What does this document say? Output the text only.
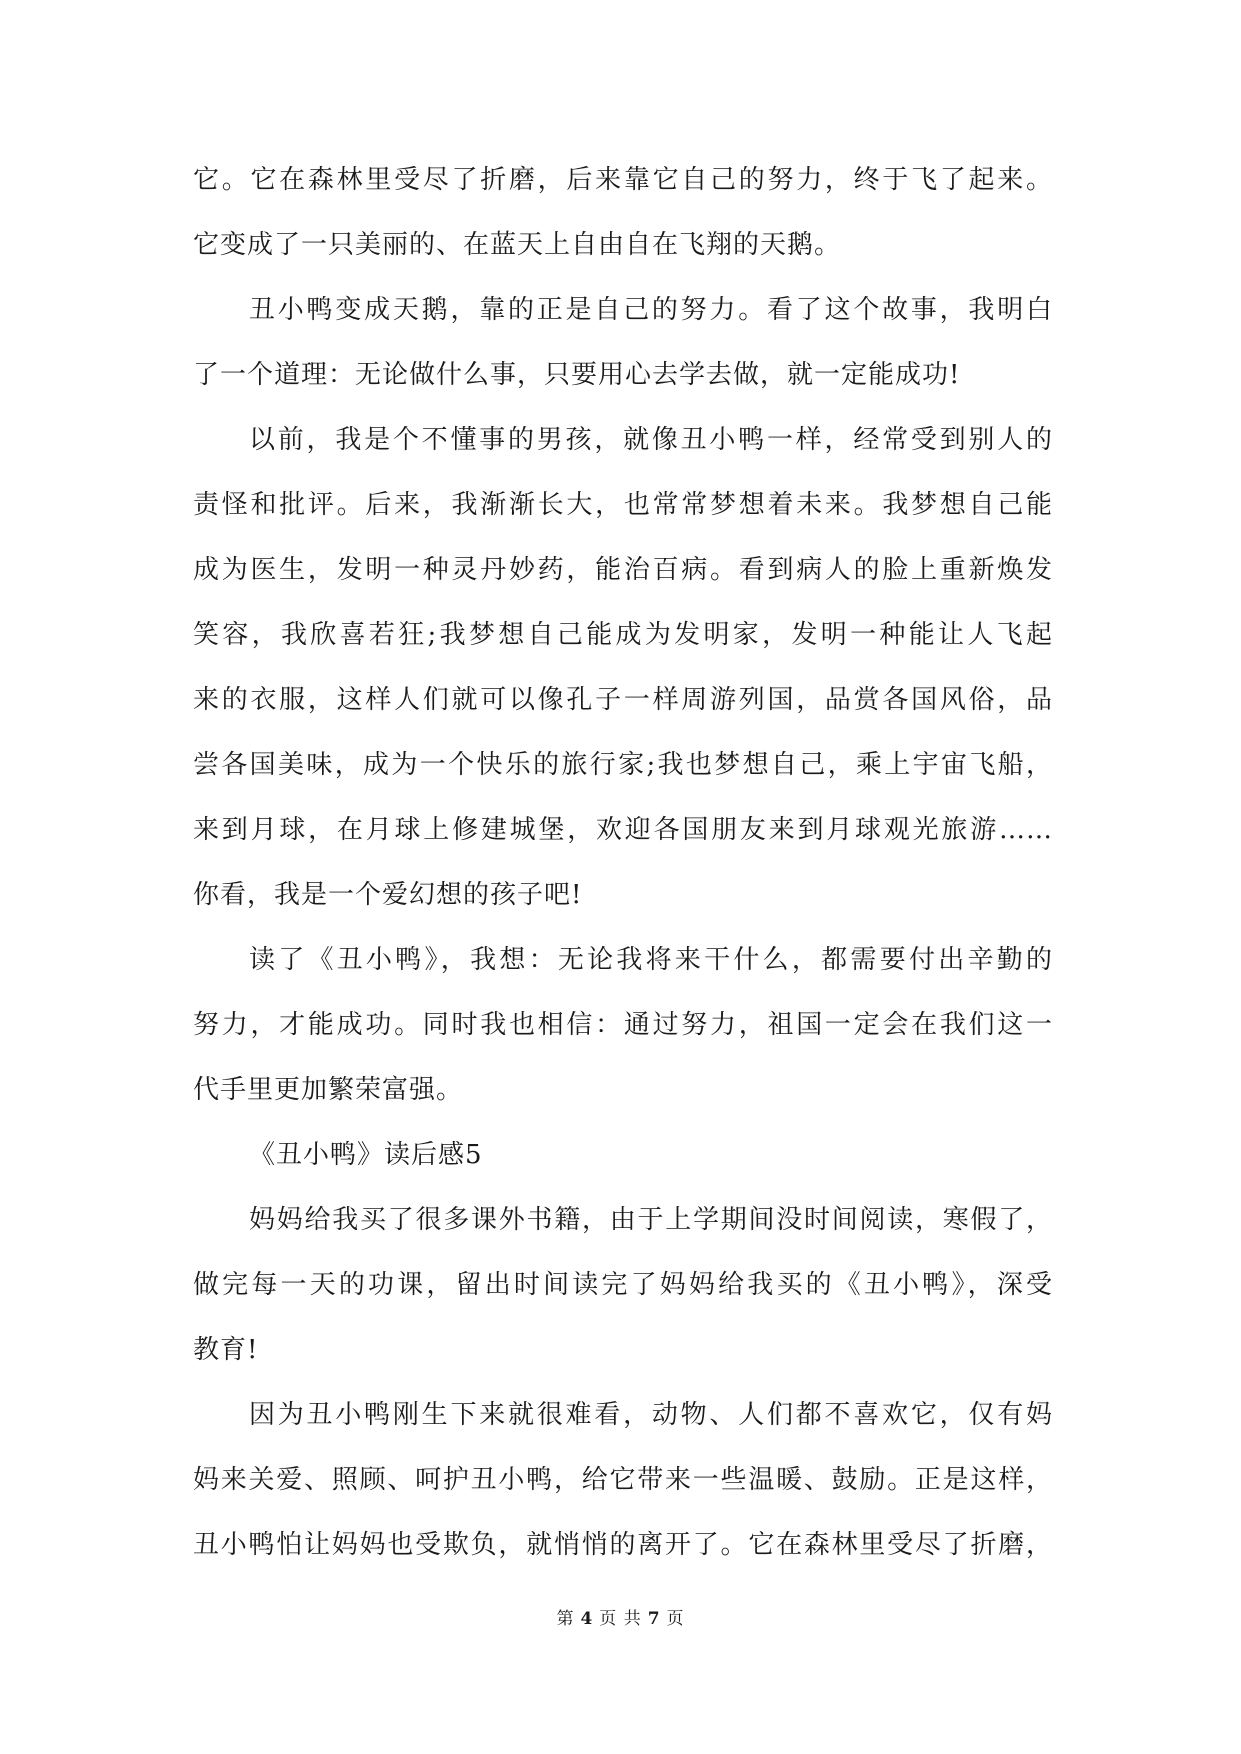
它。它在森林里受尽了折磨，后来靠它自己的努力，终于飞了起来。
它变成了一只美丽的、在蓝天上自由自在飞翔的天鹅。
丑小鸭变成天鹅，靠的正是自己的努力。看了这个故事，我明白
了一个道理：无论做什么事，只要用心去学去做，就一定能成功!
以前，我是个不懂事的男孩，就像丑小鸭一样，经常受到别人的
责怪和批评。后来，我渐渐长大，也常常梦想着未来。我梦想自己能
成为医生，发明一种灵丹妙药，能治百病。看到病人的脸上重新焕发
笑容，我欣喜若狂;我梦想自己能成为发明家，发明一种能让人飞起
来的衣服，这样人们就可以像孔子一样周游列国，品赏各国风俗，品
尝各国美味，成为一个快乐的旅行家;我也梦想自己，乘上宇宙飞船，
来到月球，在月球上修建城堡，欢迎各国朋友来到月球观光旅游……
你看，我是一个爱幻想的孩子吧!
读了《丑小鸭》，我想：无论我将来干什么，都需要付出辛勤的
努力，才能成功。同时我也相信：通过努力，祖国一定会在我们这一
代手里更加繁荣富强。
《丑小鸭》读后感5
妈妈给我买了很多课外书籍，由于上学期间没时间阅读，寒假了，
做完每一天的功课，留出时间读完了妈妈给我买的《丑小鸭》，深受
教育!
因为丑小鸭刚生下来就很难看，动物、人们都不喜欢它，仅有妈
妈来关爱、照顾、呵护丑小鸭，给它带来一些温暖、鼓励。正是这样，
丑小鸭怕让妈妈也受欺负，就悄悄的离开了。它在森林里受尽了折磨，
第 4 页 共 7 页
